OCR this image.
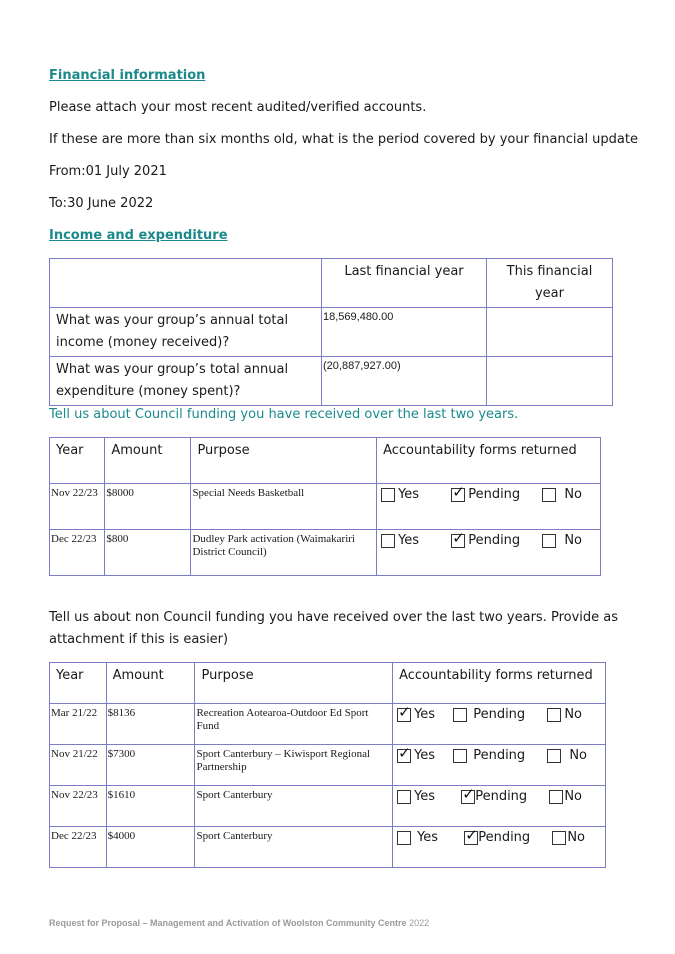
Financial information
Please attach your most recent audited/verified accounts.
If these are more than six months old, what is the period covered by your financial update
From:01 July 2021
To:30 June 2022
Income and expenditure
	Last financial year	This financial year
What was your group’s annual total income (money received)?	18,569,480.00	
What was your group’s total annual expenditure (money spent)?	(20,887,927.00)	
Tell us about Council funding you have received over the last two years.
Year	Amount	Purpose	Accountability forms returned
Nov 22/23	$8000	Special Needs Basketball	Yes
✓ Pending
No

Dec 22/23	$800	Dudley Park activation (Waimakariri District Council)	Yes
✓ Pending
No
Tell us about non Council funding you have received over the last two years. Provide as
attachment if this is easier)
Year	Amount	Purpose	Accountability forms returned
Mar 21/22	$8136	Recreation Aotearoa-Outdoor Ed Sport Fund	
✓
Yes
Pending
No

Nov 21/22	$7300	Sport Canterbury – Kiwisport Regional Partnership	
✓
Yes
Pending
No

Nov 22/23	$1610	Sport Canterbury	Yes
✓ Pending
No

Dec 22/23	$4000	Sport Canterbury	Yes
✓ Pending
No
Request for Proposal – Management and Activation of Woolston Community Centre 2022
